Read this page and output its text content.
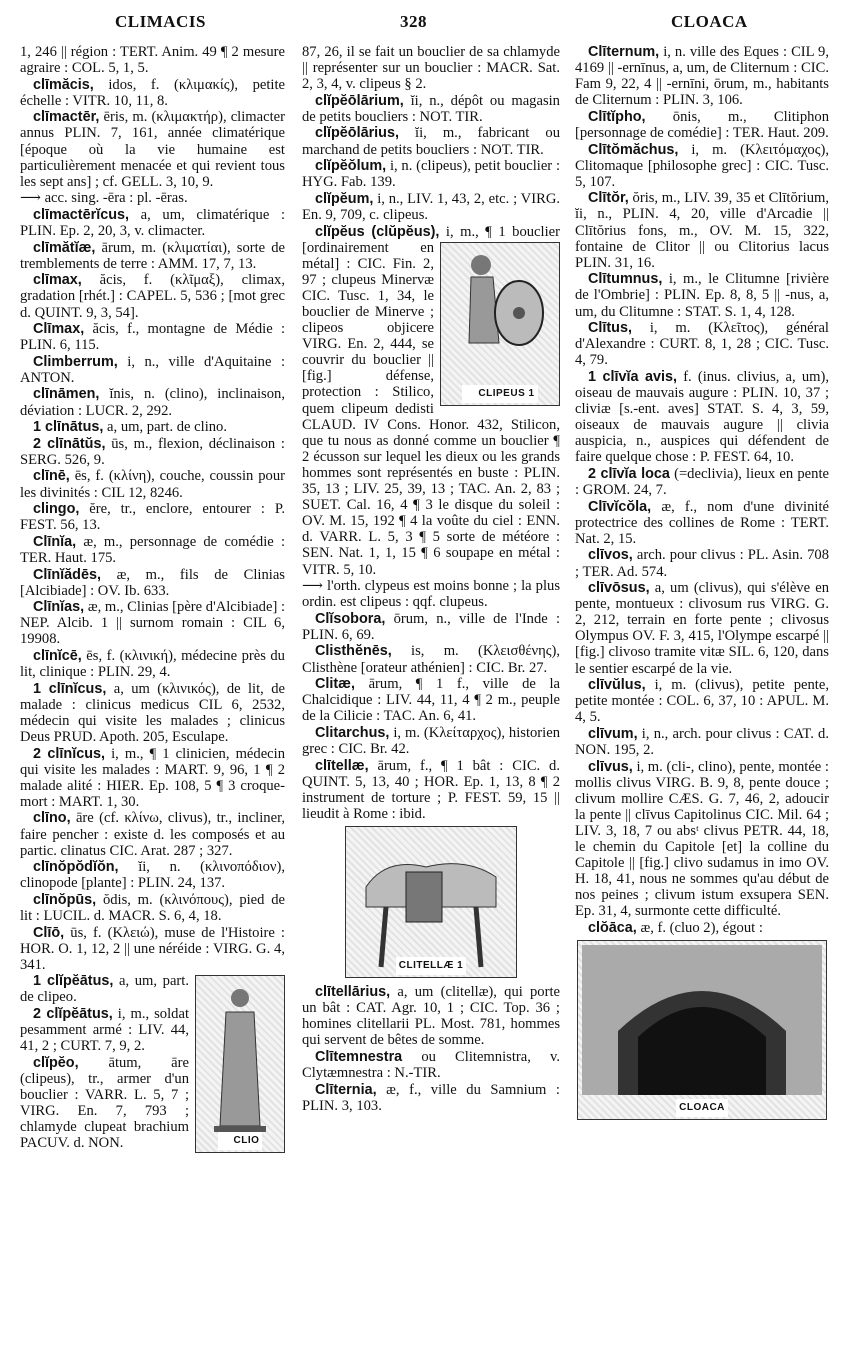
CLIMACIS	328	CLOACA

1, 246 || région : TERT. Anim. 49 ¶ 2 mesure agraire : COL. 5, 1, 5.

clīmăcis, idos, f. (κλιμακίς), petite échelle : VITR. 10, 11, 8.

clīmactēr, ēris, m. (κλιμακτήρ), climacter annus PLIN. 7, 161, année climatérique [époque où la vie humaine est particulièrement menacée et qui revient tous les sept ans] ; cf. GELL. 3, 10, 9.

⟶ acc. sing. -ēra : pl. -ēras.

clīmactērĭcus, a, um, climatérique : PLIN. Ep. 2, 20, 3, v. climacter.

clīmătĭæ, ārum, m. (κλιματίαι), sorte de tremblements de terre : AMM. 17, 7, 13.

clīmax, ăcis, f. (κλῖμαξ), climax, gradation [rhét.] : CAPEL. 5, 536 ; [mot grec d. QUINT. 9, 3, 54].

Clīmax, ăcis, f., montagne de Médie : PLIN. 6, 115.

Climberrum, i, n., ville d'Aquitaine : ANTON.

clīnāmen, ĭnis, n. (clino), inclinaison, déviation : LUCR. 2, 292.

1 clīnātus, a, um, part. de clino.

2 clīnātŭs, ūs, m., flexion, déclinaison : SERG. 526, 9.

clīnē, ēs, f. (κλίνη), couche, coussin pour les divinités : CIL 12, 8246.

clingo, ĕre, tr., enclore, entourer : P. FEST. 56, 13.

Clīnĭa, æ, m., personnage de comédie : TER. Haut. 175.

Clīnĭădēs, æ, m., fils de Clinias [Alcibiade] : OV. Ib. 633.

Clīnĭas, æ, m., Clinias [père d'Alcibiade] : NEP. Alcib. 1 || surnom romain : CIL 6, 19908.

clīnĭcē, ēs, f. (κλινική), médecine près du lit, clinique : PLIN. 29, 4.

1 clīnĭcus, a, um (κλινικός), de lit, de malade : clinicus medicus CIL 6, 2532, médecin qui visite les malades ; clinicus Deus PRUD. Apoth. 205, Esculape.

2 clīnĭcus, i, m., ¶ 1 clinicien, médecin qui visite les malades : MART. 9, 96, 1 ¶ 2 malade alité : HIER. Ep. 108, 5 ¶ 3 croque-mort : MART. 1, 30.

clīno, āre (cf. κλίνω, clivus), tr., incliner, faire pencher : existe d. les composés et au partic. clinatus CIC. Arat. 287 ; 327.

clīnŏpŏdĭŏn, ĭi, n. (κλινοπόδιον), clinopode [plante] : PLIN. 24, 137.

clīnŏpūs, ŏdis, m. (κλινόπους), pied de lit : LUCIL. d. MACR. S. 6, 4, 18.

Clīō, ūs, f. (Κλειώ), muse de l'Histoire : HOR. O. 1, 12, 2 || une néréide : VIRG. G. 4, 341.

CLIO
1 clĭpĕātus, a, um, part. de clipeo.

2 clĭpĕātus, i, m., soldat pesamment armé : LIV. 44, 41, 2 ; CURT. 7, 9, 2.

clĭpĕo, ātum, āre (clipeus), tr., armer d'un bouclier : VARR. L. 5, 7 ; VIRG. En. 7, 793 ; chlamyde clupeat brachium PACUV. d. NON.

87, 26, il se fait un bouclier de sa chlamyde || représenter sur un bouclier : MACR. Sat. 2, 3, 4, v. clipeus § 2.

clĭpĕōlārium, ĭi, n., dépôt ou magasin de petits boucliers : NOT. TIR.

clĭpĕōlārius, ĭi, m., fabricant ou marchand de petits boucliers : NOT. TIR.

clĭpĕŏlum, i, n. (clipeus), petit bouclier : HYG. Fab. 139.

clĭpĕum, i, n., LIV. 1, 43, 2, etc. ; VIRG. En. 9, 709, c. clipeus.

clĭpĕus (clŭpĕus),
CLIPEUS 1
i, m., ¶ 1 bouclier [ordinairement en métal] : CIC. Fin. 2, 97 ; clupeus Minervæ CIC. Tusc. 1, 34, le bouclier de Minerve ; clipeos objicere VIRG. En. 2, 444, se couvrir du bouclier || [fig.] défense, protection : Stilico, quem clipeum dedisti CLAUD. IV Cons. Honor. 432, Stilicon, que tu nous as donné comme un bouclier ¶ 2 écusson sur lequel les dieux ou les grands hommes sont représentés en buste : PLIN. 35, 13 ; LIV. 25, 39, 13 ; TAC. An. 2, 83 ; SUET. Cal. 16, 4 ¶ 3 le disque du soleil : OV. M. 15, 192 ¶ 4 la voûte du ciel : ENN. d. VARR. L. 5, 3 ¶ 5 sorte de météore : SEN. Nat. 1, 1, 15 ¶ 6 soupape en métal : VITR. 5, 10.

⟶ l'orth. clypeus est moins bonne ; la plus ordin. est clipeus : qqf. clupeus.

Clĭsobora, ōrum, n., ville de l'Inde : PLIN. 6, 69.

Clisthĕnēs, is, m. (Κλεισθένης), Clisthène [orateur athénien] : CIC. Br. 27.

Clitæ, ārum, ¶ 1 f., ville de la Chalcidique : LIV. 44, 11, 4 ¶ 2 m., peuple de la Cilicie : TAC. An. 6, 41.

Clitarchus, i, m. (Κλείταρχος), historien grec : CIC. Br. 42.

clītellæ, ārum, f., ¶ 1 bât : CIC. d. QUINT. 5, 13, 40 ; HOR. Ep. 1, 13, 8 ¶ 2 instrument de torture ; P. FEST. 59, 15 || lieudit à Rome : ibid.

CLITELLÆ 1

clītellārius, a, um (clitellæ), qui porte un bât : CAT. Agr. 10, 1 ; CIC. Top. 36 ; homines clitellarii PL. Most. 781, hommes qui servent de bêtes de somme.

Clītemnestra ou Clitemnistra, v. Clytæmnestra : N.-TIR.

Clīternia, æ, f., ville du Samnium : PLIN. 3, 103.

Clīternum, i, n. ville des Eques : CIL 9, 4169 || -ernīnus, a, um, de Cliternum : CIC. Fam 9, 22, 4 || -ernīni, ōrum, m., habitants de Cliternum : PLIN. 3, 106.

Clītĭpho, ōnis, m., Clitiphon [personnage de comédie] : TER. Haut. 209.

Clītŏmăchus, i, m. (Κλειτόμαχος), Clitomaque [philosophe grec] : CIC. Tusc. 5, 107.

Clītŏr, ŏris, m., LIV. 39, 35 et Clītŏrium, ĭi, n., PLIN. 4, 20, ville d'Arcadie || Clītŏrius fons, m., OV. M. 15, 322, fontaine de Clitor || ou Clitorius lacus PLIN. 31, 16.

Clītumnus, i, m., le Clitumne [rivière de l'Ombrie] : PLIN. Ep. 8, 8, 5 || -nus, a, um, du Clitumne : STAT. S. 1, 4, 128.

Clītus, i, m. (Κλεῖτος), général d'Alexandre : CURT. 8, 1, 28 ; CIC. Tusc. 4, 79.

1 clīvĭa avis, f. (inus. clivius, a, um), oiseau de mauvais augure : PLIN. 10, 37 ; cliviæ [s.-ent. aves] STAT. S. 4, 3, 59, oiseaux de mauvais augure || clivia auspicia, n., auspices qui défendent de faire quelque chose : P. FEST. 64, 10.

2 clīvĭa loca (=declivia), lieux en pente : GROM. 24, 7.

Clīvĭcŏla, æ, f., nom d'une divinité protectrice des collines de Rome : TERT. Nat. 2, 15.

clīvos, arch. pour clivus : PL. Asin. 708 ; TER. Ad. 574.

clīvōsus, a, um (clivus), qui s'élève en pente, montueux : clivosum rus VIRG. G. 2, 212, terrain en forte pente ; clivosus Olympus OV. F. 3, 415, l'Olympe escarpé || [fig.] clivoso tramite vitæ SIL. 6, 120, dans le sentier escarpé de la vie.

clīvŭlus, i, m. (clivus), petite pente, petite montée : COL. 6, 37, 10 : APUL. M. 4, 5.

clīvum, i, n., arch. pour clivus : CAT. d. NON. 195, 2.

clīvus, i, m. (cli-, clino), pente, montée : mollis clivus VIRG. B. 9, 8, pente douce ; clivum mollire CÆS. G. 7, 46, 2, adoucir la pente || clīvus Capitolinus CIC. Mil. 64 ; LIV. 3, 18, 7 ou absᵗ clivus PETR. 44, 18, le chemin du Capitole [et] la colline du Capitole || [fig.] clivo sudamus in imo OV. H. 18, 41, nous ne sommes qu'au début de nos peines ; clivum istum exsupera SEN. Ep. 31, 4, surmonte cette difficulté.

clŏāca, æ, f. (cluo 2), égout :

CLOACA
